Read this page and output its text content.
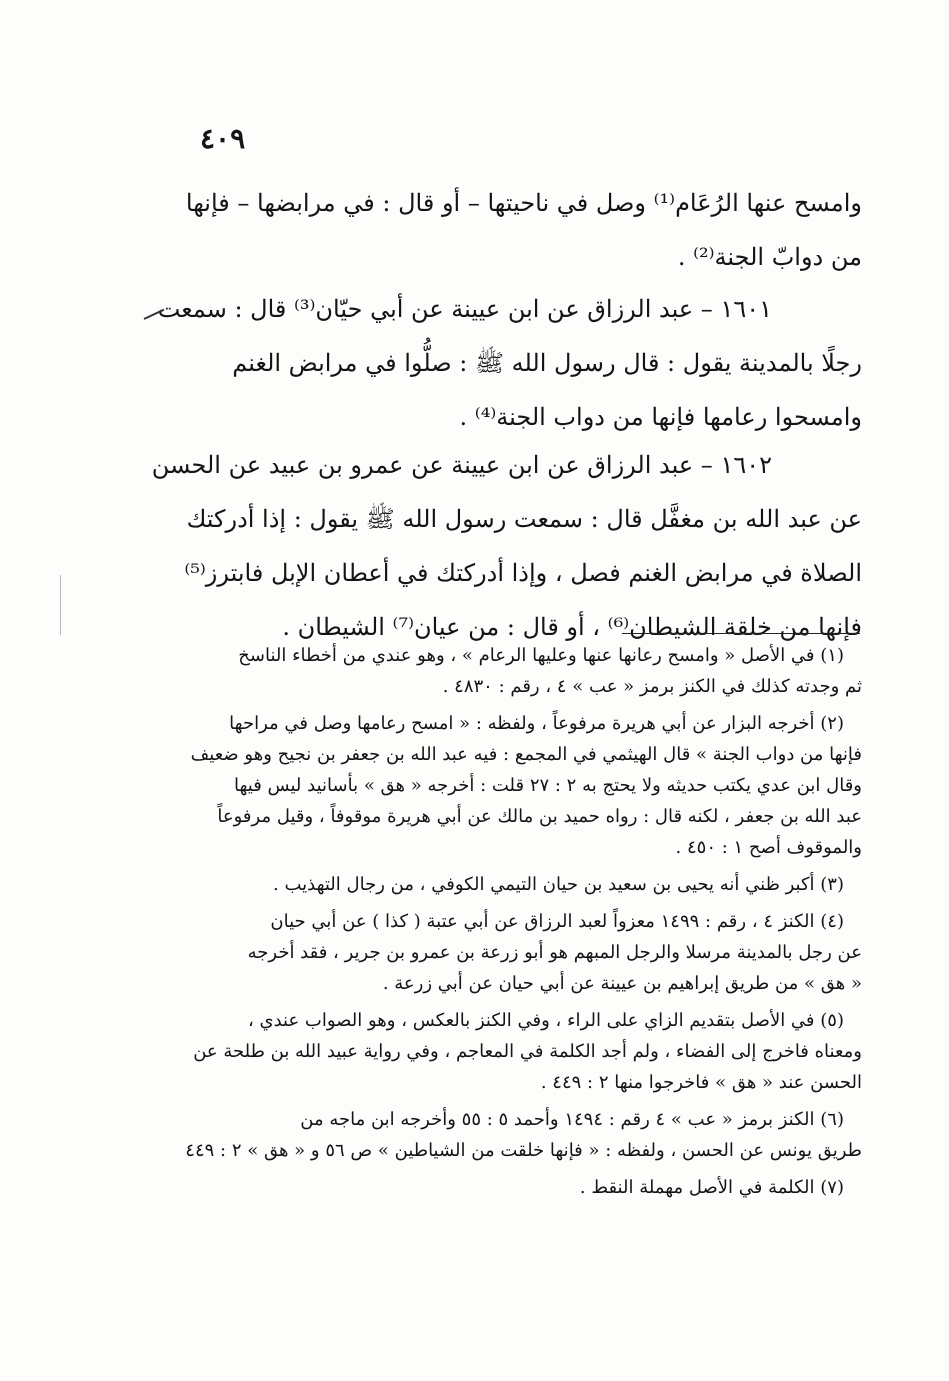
٤٠٩
وامسح عنها الرُعَام⁽¹⁾ وصل في ناحيتها – أو قال : في مرابضها – فإنها
من دوابّ الجنة⁽²⁾ .
١٦٠١ – عبد الرزاق عن ابن عيينة عن أبي حيّان⁽³⁾ قال : سمعت
رجلًا بالمدينة يقول : قال رسول الله ﷺ : صلُّوا في مرابض الغنم
وامسحوا رعامها فإنها من دواب الجنة⁽⁴⁾ .
١٦٠٢ – عبد الرزاق عن ابن عيينة عن عمرو بن عبيد عن الحسن
عن عبد الله بن مغفَّل قال : سمعت رسول الله ﷺ يقول : إذا أدركتك
الصلاة في مرابض الغنم فصل ، وإذا أدركتك في أعطان الإبل فابترز⁽⁵⁾
فإنها من خلقة الشيطان⁽⁶⁾ ، أو قال : من عيان⁽⁷⁾ الشيطان .
(١) في الأصل « وامسح رعانها عنها وعليها الرعام » ، وهو عندي من أخطاء الناسخ
ثم وجدته كذلك في الكنز برمز « عب » ٤ ، رقم : ٤٨٣٠ .
(٢) أخرجه البزار عن أبي هريرة مرفوعاً ، ولفظه : « امسح رعامها وصل في مراحها
فإنها من دواب الجنة » قال الهيثمي في المجمع : فيه عبد الله بن جعفر بن نجيح وهو ضعيف
وقال ابن عدي يكتب حديثه ولا يحتج به ٢ : ٢٧ قلت : أخرجه « هق » بأسانيد ليس فيها
عبد الله بن جعفر ، لكنه قال : رواه حميد بن مالك عن أبي هريرة موقوفاً ، وقيل مرفوعاً
والموقوف أصح ١ : ٤٥٠ .
(٣) أكبر ظني أنه يحيى بن سعيد بن حيان التيمي الكوفي ، من رجال التهذيب .
(٤) الكنز ٤ ، رقم : ١٤٩٩ معزواً لعبد الرزاق عن أبي عتبة ( كذا ) عن أبي حيان
عن رجل بالمدينة مرسلا والرجل المبهم هو أبو زرعة بن عمرو بن جرير ، فقد أخرجه
« هق » من طريق إبراهيم بن عيينة عن أبي حيان عن أبي زرعة .
(٥) في الأصل بتقديم الزاي على الراء ، وفي الكنز بالعكس ، وهو الصواب عندي ،
ومعناه فاخرج إلى الفضاء ، ولم أجد الكلمة في المعاجم ، وفي رواية عبيد الله بن طلحة عن
الحسن عند « هق » فاخرجوا منها ٢ : ٤٤٩ .
(٦) الكنز برمز « عب » ٤ رقم : ١٤٩٤ وأحمد ٥ : ٥٥ وأخرجه ابن ماجه من
طريق يونس عن الحسن ، ولفظه : « فإنها خلقت من الشياطين » ص ٥٦ و « هق » ٢ : ٤٤٩
(٧) الكلمة في الأصل مهملة النقط .
